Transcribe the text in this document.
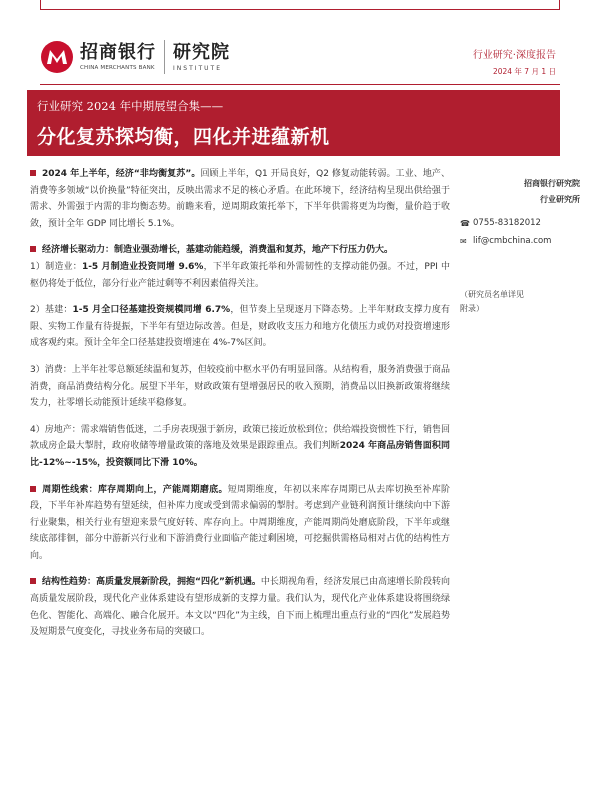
招商银行
CHINA MERCHANTS BANK
研究院
INSTITUTE
行业研究·深度报告
2024 年 7 月 1 日
行业研究 2024 年中期展望合集——
分化复苏探均衡，四化并进蕴新机

2024 年上半年，经济“非均衡复苏”。回顾上半年，Q1 开局良好，Q2 修复动能转弱。工业、地产、消费等多领域“以价换量”特征突出，反映出需求不足的核心矛盾。在此环境下，经济结构呈现出供给强于需求、外需强于内需的非均衡态势。前瞻来看，逆周期政策托举下，下半年供需将更为均衡，量价趋于收敛，预计全年 GDP 同比增长 5.1%。

经济增长驱动力：制造业强劲增长，基建动能趋缓，消费温和复苏，地产下行压力仍大。

1）制造业：1-5 月制造业投资同增 9.6%，下半年政策托举和外需韧性的支撑动能仍强。不过，PPI 中枢仍将处于低位，部分行业产能过剩等不利因素值得关注。

2）基建：1-5 月全口径基建投资规模同增 6.7%，但节奏上呈现逐月下降态势。上半年财政支撑力度有限、实物工作量有待提振，下半年有望边际改善。但是，财政收支压力和地方化债压力或仍对投资增速形成客观约束。预计全年全口径基建投资增速在 4%-7%区间。

3）消费：上半年社零总额延续温和复苏，但较疫前中枢水平仍有明显回落。从结构看，服务消费强于商品消费，商品消费结构分化。展望下半年，财政政策有望增强居民的收入预期，消费品以旧换新政策将继续发力，社零增长动能预计延续平稳修复。

4）房地产：需求端销售低迷，二手房表现强于新房，政策已接近放松到位；供给端投资惯性下行，销售回款成房企最大掣肘，政府收储等增量政策的落地及效果是跟踪重点。我们判断2024 年商品房销售面积同比-12%~-15%，投资额同比下滑 10%。

周期性线索：库存周期向上，产能周期磨底。短周期维度，年初以来库存周期已从去库切换至补库阶段，下半年补库趋势有望延续，但补库力度或受到需求偏弱的掣肘。考虑到产业链利润预计继续向中下游行业聚集，相关行业有望迎来景气度好转、库存向上。中周期维度，产能周期尚处磨底阶段，下半年或继续底部徘徊，部分中游新兴行业和下游消费行业面临产能过剩困境，可挖掘供需格局相对占优的结构性方向。

结构性趋势：高质量发展新阶段，拥抱“四化”新机遇。中长期视角看，经济发展已由高速增长阶段转向高质量发展阶段，现代化产业体系建设有望形成新的支撑力量。我们认为，现代化产业体系建设将围绕绿色化、智能化、高端化、融合化展开。本文以“四化”为主线，自下而上梳理出重点行业的“四化”发展趋势及短期景气度变化，寻找业务布局的突破口。

招商银行研究院
行业研究所
☎ 0755-83182012
✉ lif@cmbchina.com
（研究员名单详见
附录）
